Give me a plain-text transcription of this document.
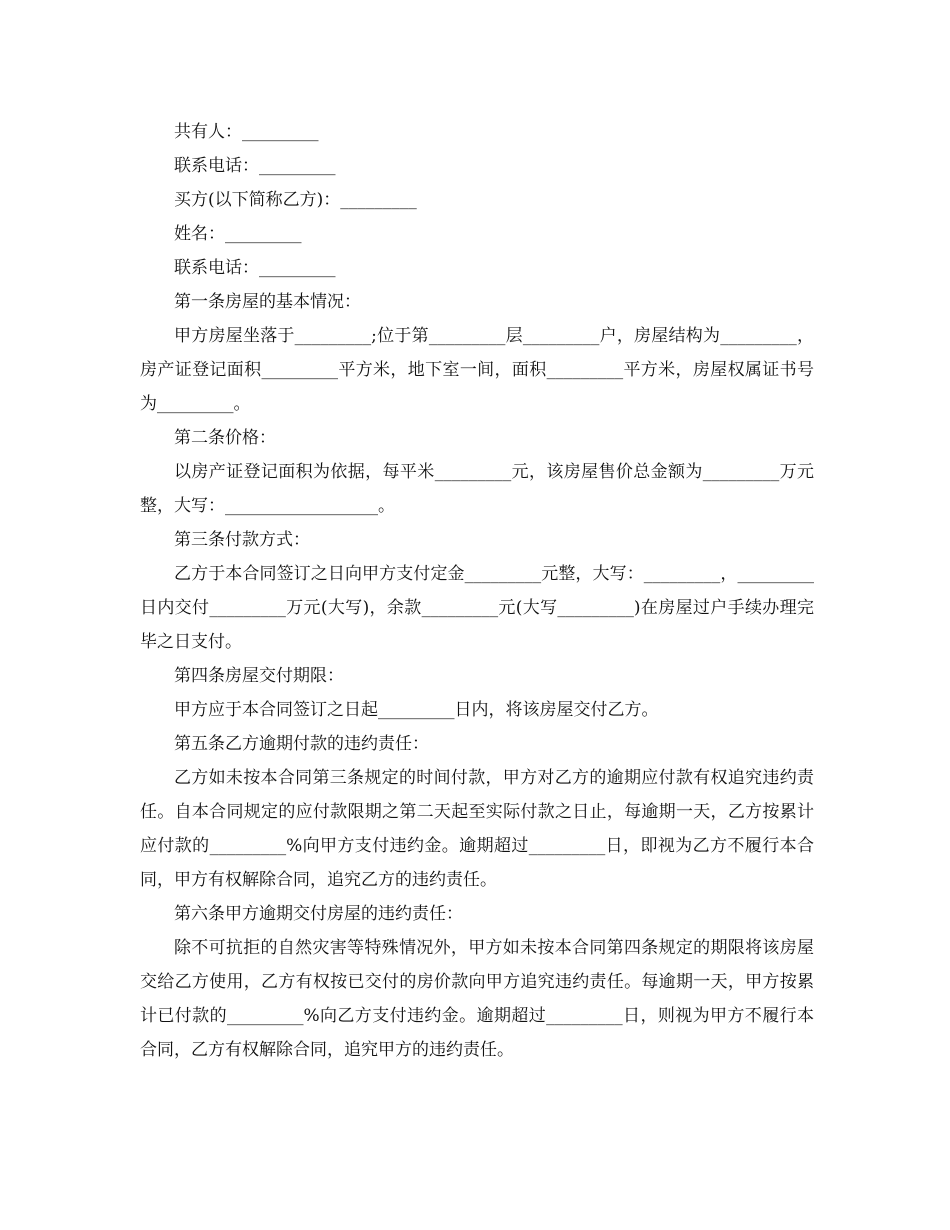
共有人：_________

联系电话：_________

买方(以下简称乙方)：_________

姓名：_________

联系电话：_________

第一条房屋的基本情况：

甲方房屋坐落于_________;位于第_________层_________户，房屋结构为_________，房产证登记面积_________平方米，地下室一间，面积_________平方米，房屋权属证书号为_________。

第二条价格：

以房产证登记面积为依据，每平米_________元，该房屋售价总金额为_________万元整，大写：__________________。

第三条付款方式：

乙方于本合同签订之日向甲方支付定金_________元整，大写：_________，_________日内交付_________万元(大写)，余款_________元(大写_________)在房屋过户手续办理完毕之日支付。

第四条房屋交付期限：

甲方应于本合同签订之日起_________日内，将该房屋交付乙方。

第五条乙方逾期付款的违约责任：

乙方如未按本合同第三条规定的时间付款，甲方对乙方的逾期应付款有权追究违约责任。自本合同规定的应付款限期之第二天起至实际付款之日止，每逾期一天，乙方按累计应付款的_________%向甲方支付违约金。逾期超过_________日，即视为乙方不履行本合同，甲方有权解除合同，追究乙方的违约责任。

第六条甲方逾期交付房屋的违约责任：

除不可抗拒的自然灾害等特殊情况外，甲方如未按本合同第四条规定的期限将该房屋交给乙方使用，乙方有权按已交付的房价款向甲方追究违约责任。每逾期一天，甲方按累计已付款的_________%向乙方支付违约金。逾期超过_________日，则视为甲方不履行本合同，乙方有权解除合同，追究甲方的违约责任。
